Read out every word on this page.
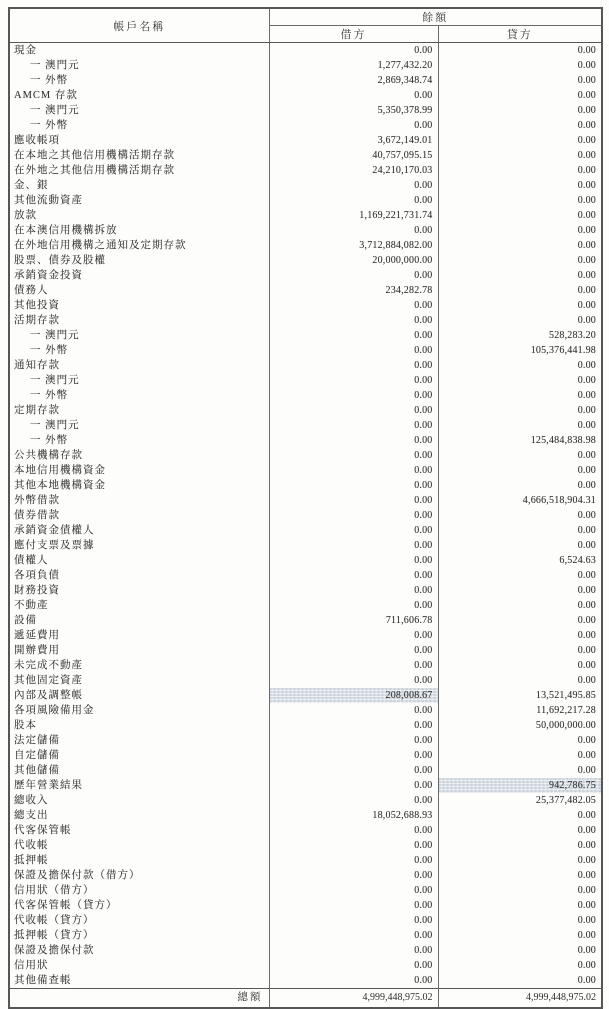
帳戶名稱	餘額	
	借方	貸方
現金	0.00	0.00
一 澳門元	1,277,432.20	0.00
一 外幣	2,869,348.74	0.00
AMCM 存款	0.00	0.00
一 澳門元	5,350,378.99	0.00
一 外幣	0.00	0.00
應收帳項	3,672,149.01	0.00
在本地之其他信用機構活期存款	40,757,095.15	0.00
在外地之其他信用機構活期存款	24,210,170.03	0.00
金、銀	0.00	0.00
其他流動資產	0.00	0.00
放款	1,169,221,731.74	0.00
在本澳信用機構拆放	0.00	0.00
在外地信用機構之通知及定期存款	3,712,884,082.00	0.00
股票、債券及股權	20,000,000.00	0.00
承銷資金投資	0.00	0.00
債務人	234,282.78	0.00
其他投資	0.00	0.00
活期存款	0.00	0.00
一 澳門元	0.00	528,283.20
一 外幣	0.00	105,376,441.98
通知存款	0.00	0.00
一 澳門元	0.00	0.00
一 外幣	0.00	0.00
定期存款	0.00	0.00
一 澳門元	0.00	0.00
一 外幣	0.00	125,484,838.98
公共機構存款	0.00	0.00
本地信用機構資金	0.00	0.00
其他本地機構資金	0.00	0.00
外幣借款	0.00	4,666,518,904.31
債券借款	0.00	0.00
承銷資金債權人	0.00	0.00
應付支票及票據	0.00	0.00
債權人	0.00	6,524.63
各項負債	0.00	0.00
財務投資	0.00	0.00
不動產	0.00	0.00
設備	711,606.78	0.00
遞延費用	0.00	0.00
開辦費用	0.00	0.00
未完成不動產	0.00	0.00
其他固定資產	0.00	0.00
內部及調整帳	208,008.67	13,521,495.85
各項風險備用金	0.00	11,692,217.28
股本	0.00	50,000,000.00
法定儲備	0.00	0.00
自定儲備	0.00	0.00
其他儲備	0.00	0.00
歷年營業結果	0.00	942,786.75
總收入	0.00	25,377,482.05
總支出	18,052,688.93	0.00
代客保管帳	0.00	0.00
代收帳	0.00	0.00
抵押帳	0.00	0.00
保證及擔保付款（借方）	0.00	0.00
信用狀（借方）	0.00	0.00
代客保管帳（貸方）	0.00	0.00
代收帳（貸方）	0.00	0.00
抵押帳（貸方）	0.00	0.00
保證及擔保付款	0.00	0.00
信用狀	0.00	0.00
其他備查帳	0.00	0.00
總額	4,999,448,975.02	4,999,448,975.02
